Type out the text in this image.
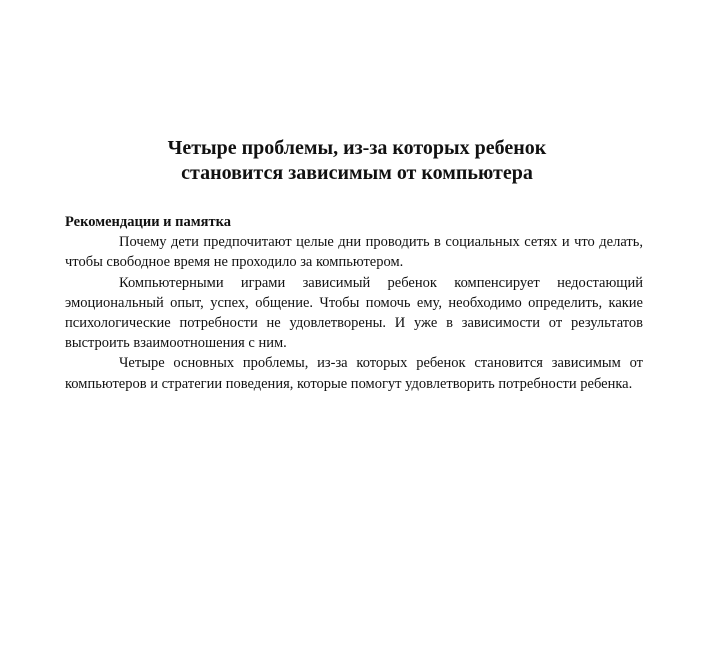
Четыре проблемы, из-за которых ребенок
становится зависимым от компьютера

Рекомендации и памятка

Почему дети предпочитают целые дни проводить в социальных сетях и что делать, чтобы свободное время не проходило за компьютером.

Компьютерными играми зависимый ребенок компенсирует недостающий эмоциональный опыт, успех, общение. Чтобы помочь ему, необходимо определить, какие психологические потребности не удовлетворены. И уже в зависимости от результатов выстроить взаимоотношения с ним.

Четыре основных проблемы, из-за которых ребенок становится зависимым от компьютеров и стратегии поведения, которые помогут удовлетворить потребности ребенка.
